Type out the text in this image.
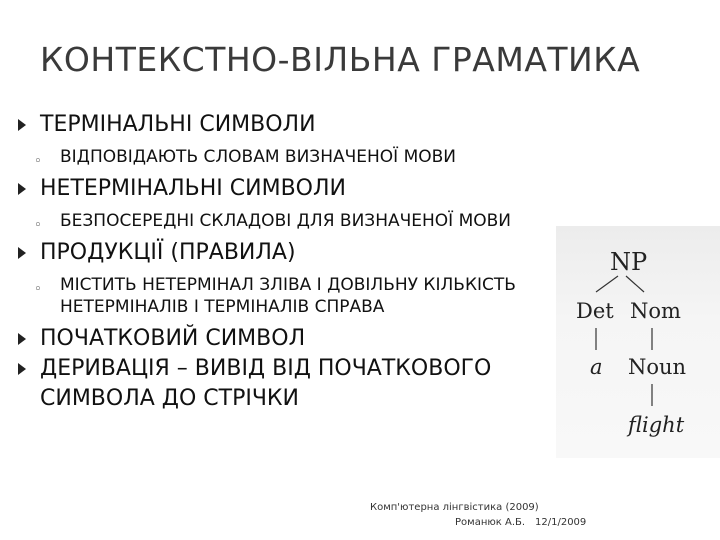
КОНТЕКСТНО-ВІЛЬНА ГРАМАТИКА
ТЕРМІНАЛЬНІ СИМВОЛИ
◦ ВІДПОВІДАЮТЬ СЛОВАМ ВИЗНАЧЕНОЇ МОВИ
НЕТЕРМІНАЛЬНІ СИМВОЛИ
◦ БЕЗПОСЕРЕДНІ СКЛАДОВІ ДЛЯ ВИЗНАЧЕНОЇ МОВИ
ПРОДУКЦІЇ (ПРАВИЛА)
◦ МІСТИТЬ НЕТЕРМІНАЛ ЗЛІВА І ДОВІЛЬНУ КІЛЬКІСТЬ НЕТЕРМІНАЛІВ І ТЕРМІНАЛІВ СПРАВА
ПОЧАТКОВИЙ СИМВОЛ
ДЕРИВАЦІЯ – ВИВІД ВІД ПОЧАТКОВОГО СИМВОЛА ДО СТРІЧКИ
NP
Det Nom
a Noun
flight
Комп'ютерна лінгвістика (2009)
Романюк А.Б. 12/1/2009
